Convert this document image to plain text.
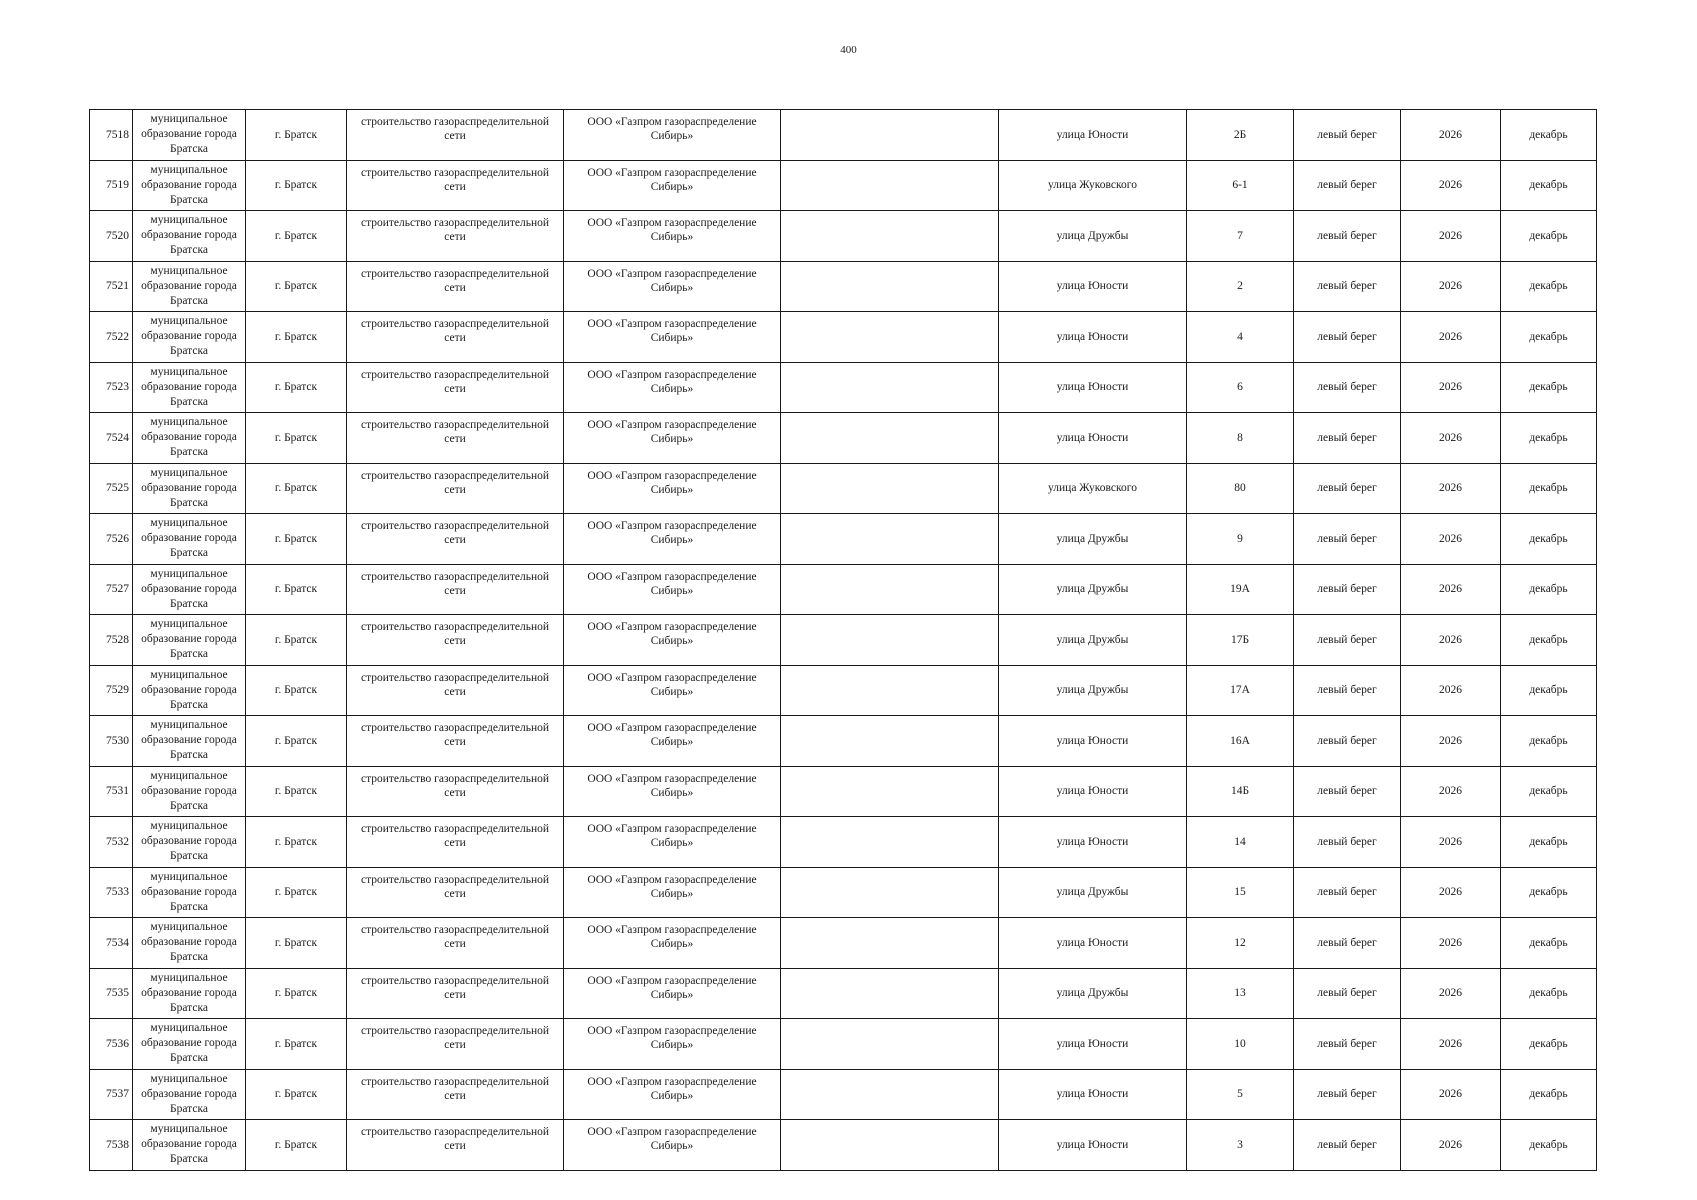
400
7518	муниципальное образование города Братска	г. Братск	строительство газораспределительной сети	ООО «Газпром газораспределение Сибирь»		улица Юности	2Б	левый берег	2026	декабрь
7519	муниципальное образование города Братска	г. Братск	строительство газораспределительной сети	ООО «Газпром газораспределение Сибирь»		улица Жуковского	6-1	левый берег	2026	декабрь
7520	муниципальное образование города Братска	г. Братск	строительство газораспределительной сети	ООО «Газпром газораспределение Сибирь»		улица Дружбы	7	левый берег	2026	декабрь
7521	муниципальное образование города Братска	г. Братск	строительство газораспределительной сети	ООО «Газпром газораспределение Сибирь»		улица Юности	2	левый берег	2026	декабрь
7522	муниципальное образование города Братска	г. Братск	строительство газораспределительной сети	ООО «Газпром газораспределение Сибирь»		улица Юности	4	левый берег	2026	декабрь
7523	муниципальное образование города Братска	г. Братск	строительство газораспределительной сети	ООО «Газпром газораспределение Сибирь»		улица Юности	6	левый берег	2026	декабрь
7524	муниципальное образование города Братска	г. Братск	строительство газораспределительной сети	ООО «Газпром газораспределение Сибирь»		улица Юности	8	левый берег	2026	декабрь
7525	муниципальное образование города Братска	г. Братск	строительство газораспределительной сети	ООО «Газпром газораспределение Сибирь»		улица Жуковского	80	левый берег	2026	декабрь
7526	муниципальное образование города Братска	г. Братск	строительство газораспределительной сети	ООО «Газпром газораспределение Сибирь»		улица Дружбы	9	левый берег	2026	декабрь
7527	муниципальное образование города Братска	г. Братск	строительство газораспределительной сети	ООО «Газпром газораспределение Сибирь»		улица Дружбы	19А	левый берег	2026	декабрь
7528	муниципальное образование города Братска	г. Братск	строительство газораспределительной сети	ООО «Газпром газораспределение Сибирь»		улица Дружбы	17Б	левый берег	2026	декабрь
7529	муниципальное образование города Братска	г. Братск	строительство газораспределительной сети	ООО «Газпром газораспределение Сибирь»		улица Дружбы	17А	левый берег	2026	декабрь
7530	муниципальное образование города Братска	г. Братск	строительство газораспределительной сети	ООО «Газпром газораспределение Сибирь»		улица Юности	16А	левый берег	2026	декабрь
7531	муниципальное образование города Братска	г. Братск	строительство газораспределительной сети	ООО «Газпром газораспределение Сибирь»		улица Юности	14Б	левый берег	2026	декабрь
7532	муниципальное образование города Братска	г. Братск	строительство газораспределительной сети	ООО «Газпром газораспределение Сибирь»		улица Юности	14	левый берег	2026	декабрь
7533	муниципальное образование города Братска	г. Братск	строительство газораспределительной сети	ООО «Газпром газораспределение Сибирь»		улица Дружбы	15	левый берег	2026	декабрь
7534	муниципальное образование города Братска	г. Братск	строительство газораспределительной сети	ООО «Газпром газораспределение Сибирь»		улица Юности	12	левый берег	2026	декабрь
7535	муниципальное образование города Братска	г. Братск	строительство газораспределительной сети	ООО «Газпром газораспределение Сибирь»		улица Дружбы	13	левый берег	2026	декабрь
7536	муниципальное образование города Братска	г. Братск	строительство газораспределительной сети	ООО «Газпром газораспределение Сибирь»		улица Юности	10	левый берег	2026	декабрь
7537	муниципальное образование города Братска	г. Братск	строительство газораспределительной сети	ООО «Газпром газораспределение Сибирь»		улица Юности	5	левый берег	2026	декабрь
7538	муниципальное образование города Братска	г. Братск	строительство газораспределительной сети	ООО «Газпром газораспределение Сибирь»		улица Юности	3	левый берег	2026	декабрь
